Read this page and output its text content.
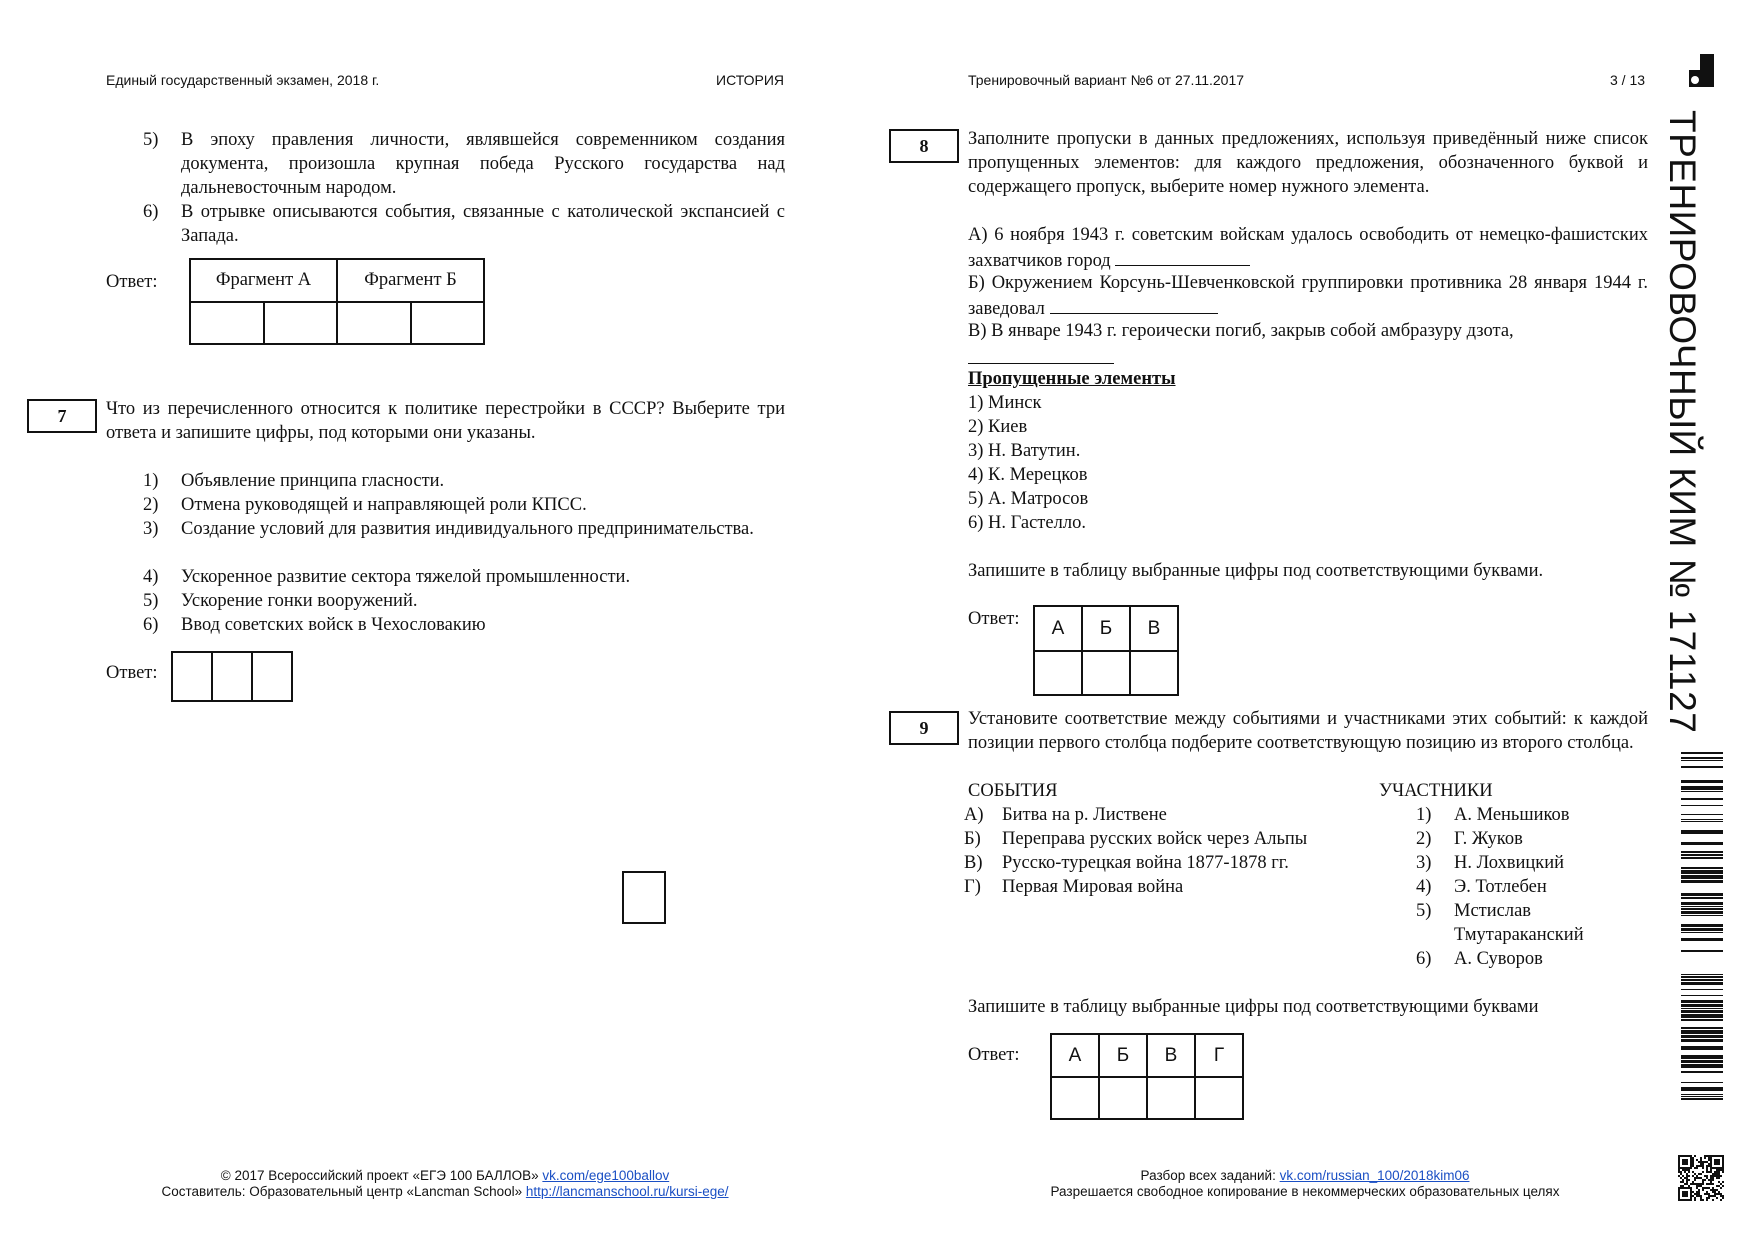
Единый государственный экзамен, 2018 г.	ИСТОРИЯ	Тренировочный вариант №6 от 27.11.2017	3 / 13
5) В эпоху правления личности, являвшейся современником создания документа, произошла крупная победа Русского государства над дальневосточным народом.
6) В отрывке описываются события, связанные с католической экспансией с Запада.
Ответ:	Фрагмент А		Фрагмент Б	

7	Что из перечисленного относится к политике перестройки в СССР? Выберите три ответа и запишите цифры, под которыми они указаны.
1) Объявление принципа гласности.
2) Отмена руководящей и направляющей роли КПСС.
3) Создание условий для развития индивидуального предпринимательства.
4) Ускоренное развитие сектора тяжелой промышленности.
5) Ускорение гонки вооружений.
6) Ввод советских войск в Чехословакию
Ответ:

8	Заполните пропуски в данных предложениях, используя приведённый ниже список пропущенных элементов: для каждого предложения, обозначенного буквой и содержащего пропуск, выберите номер нужного элемента.
А) 6 ноября 1943 г. советским войскам удалось освободить от немецко-фашистских захватчиков город
Б) Окружением Корсунь-Шевченковской группировки противника 28 января 1944 г. заведовал
В) В январе 1943 г. героически погиб, закрыв собой амбразуру дзота,
Пропущенные элементы
1) Минск
2) Киев
3) Н. Ватутин.
4) К. Мерецков
5) А. Матросов
6) Н. Гастелло.
Запишите в таблицу выбранные цифры под соответствующими буквами.
Ответ: А	Б	В

9	Установите соответствие между событиями и участниками этих событий: к каждой позиции первого столбца подберите соответствующую позицию из второго столбца.
СОБЫТИЯ	УЧАСТНИКИ
А) Битва на р. Листвене
Б) Переправа русских войск через Альпы
В) Русско-турецкая война 1877-1878 гг.
Г) Первая Мировая война
1) А. Меньшиков
2) Г. Жуков
3) Н. Лохвицкий
4) Э. Тотлебен
5) Мстислав Тмутараканский
6) А. Суворов
Запишите в таблицу выбранные цифры под соответствующими буквами
Ответ:	А	Б	В	Г

ТРЕНИРОВОЧНЫЙ КИМ № 171127
© 2017 Всероссийский проект «ЕГЭ 100 БАЛЛОВ» vk.com/ege100ballov
Составитель: Образовательный центр «Lancman School» http://lancmanschool.ru/kursi-ege/
Разбор всех заданий: vk.com/russian_100/2018kim06
Разрешается свободное копирование в некоммерческих образовательных целях
